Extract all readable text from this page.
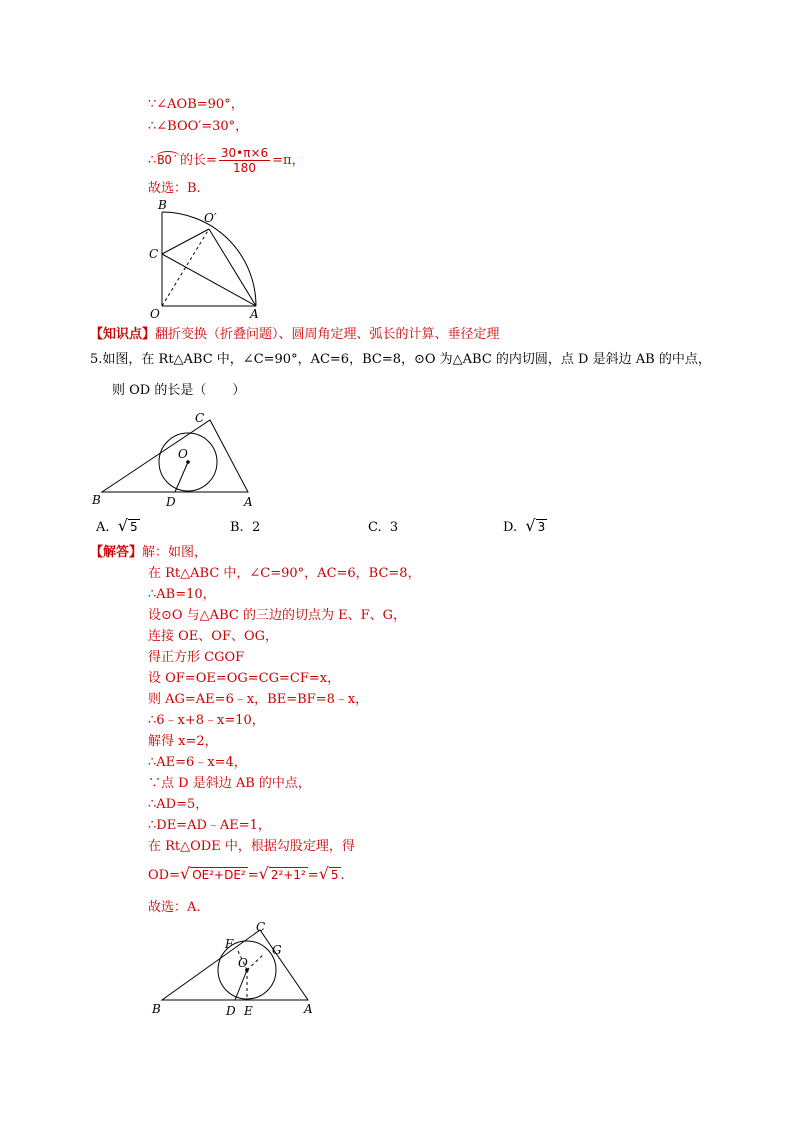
∵∠AOB=90°，
∴∠BOO′=30°，
∴BO′的长= $\frac{30•\pi\times 6}{180} =\pi$，
故选：B.
B
O′
C
O	A
【知识点】翻折变换（折叠问题）、圆周角定理、弧长的计算、垂径定理
5.如图，在 Rt△ABC 中，∠C=90°，AC=6，BC=8，⊙O 为△ABC 的内切圆，点 D 是斜边 AB 的中点，
则 OD 的长是（　　）
C
O
B	D	A
A. √ 5	B. 2	C. 3	D. √ 3
【解答】解：如图，
在 Rt△ABC 中，∠C=90°，AC=6，BC=8，
∴AB=10，
设⊙O 与△ABC 的三边的切点为 E、F、G，
连接 OE、OF、OG，
得正方形 CGOF
设 OF=OE=OG=CG=CF=x，
则 AG=AE=6﹣x，BE=BF=8﹣x，
∴6﹣x+8﹣x=10，
解得 x=2，
∴AE=6﹣x=4，
∵点 D 是斜边 AB 的中点，
∴AD=5，
∴DE=AD﹣AE=1，
在 Rt△ODE 中，根据勾股定理，得
OD=√ OE²+DE² =√ 2²+1² =√ 5 .
故选：A.
C
F	G
O
B	D E	A
